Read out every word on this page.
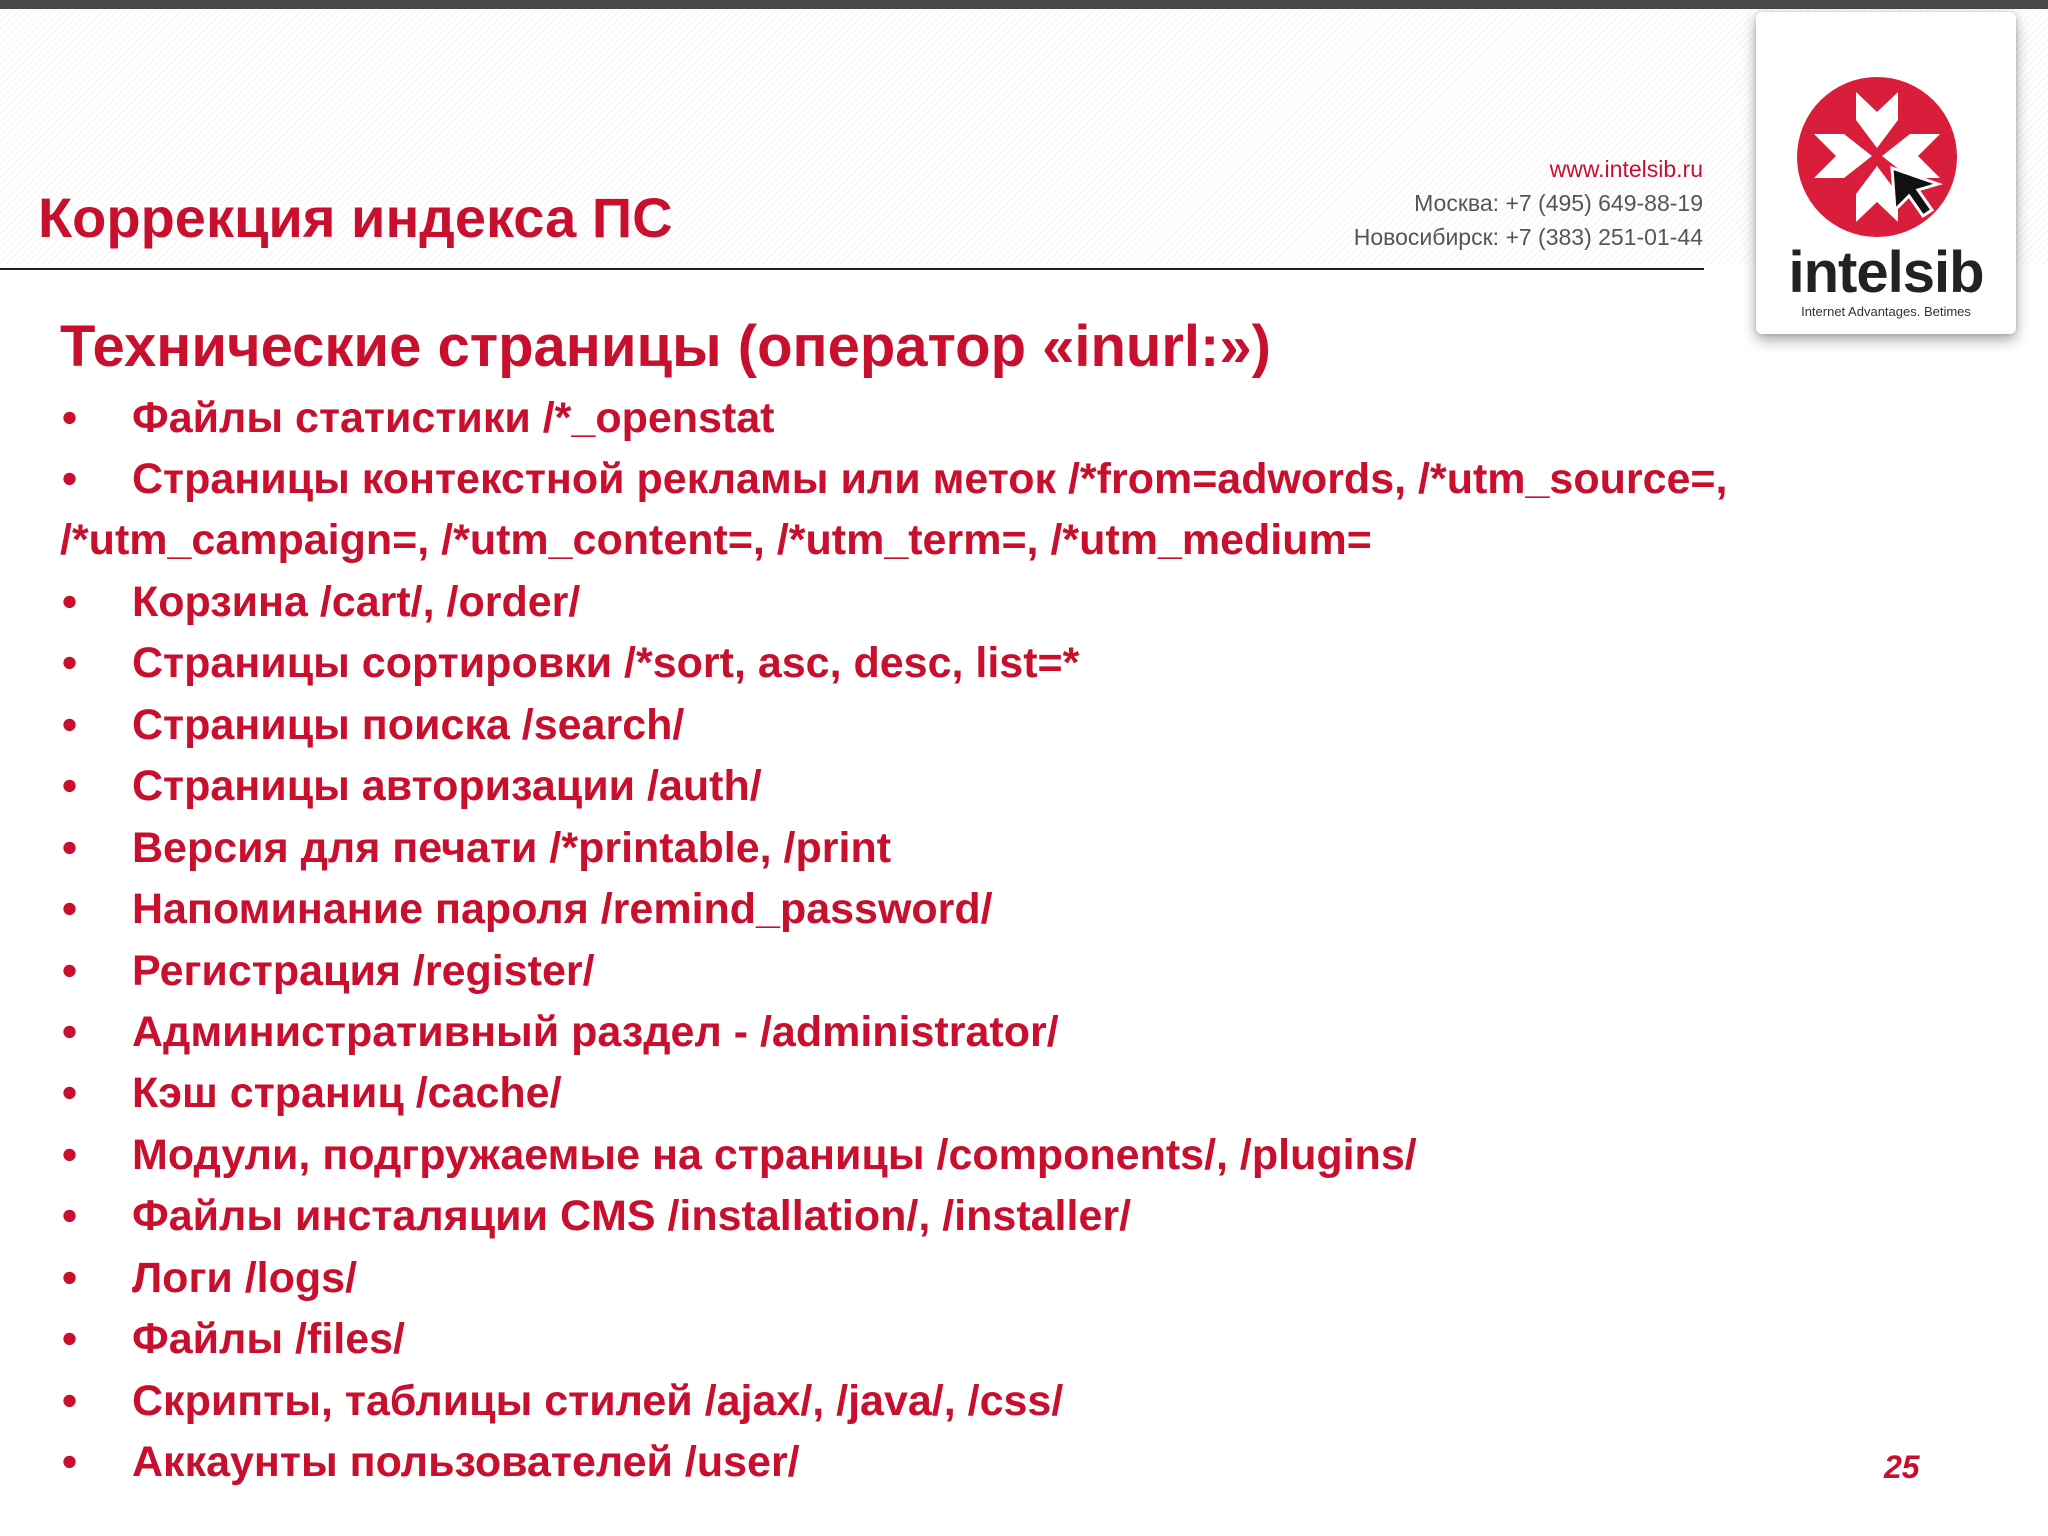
Коррекция индекса ПС
www.intelsib.ru
Москва: +7 (495) 649-88-19
Новосибирск: +7 (383) 251-01-44
intelsib
Internet Advantages. Betimes
Технические страницы (оператор «inurl:»)
• Файлы статистики /*_openstat
• Страницы контекстной рекламы или меток /*from=adwords, /*utm_source=,
/*utm_campaign=, /*utm_content=, /*utm_term=, /*utm_medium=
• Корзина /cart/, /order/
• Страницы сортировки /*sort, asc, desc, list=*
• Страницы поиска /search/
• Страницы авторизации /auth/
• Версия для печати /*printable, /print
• Напоминание пароля /remind_password/
• Регистрация /register/
• Административный раздел - /administrator/
• Кэш страниц /cache/
• Модули, подгружаемые на страницы /components/, /plugins/
• Файлы инсталяции CMS /installation/, /installer/
• Логи /logs/
• Файлы /files/
• Скрипты, таблицы стилей /ajax/, /java/, /css/
• Аккаунты пользователей /user/	25
